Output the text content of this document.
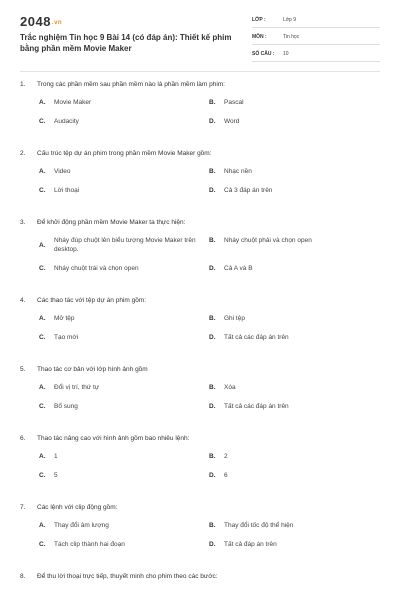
2048.vn
Trắc nghiệm Tin học 9 Bài 14 (có đáp án): Thiết kế phim bằng phần mềm Movie Maker
LỚP :	Lớp 9
MÔN :	Tin học
SỐ CÂU : 10
1.	Trong các phần mềm sau phần mềm nào là phần mềm làm phim:
A.	Movie Maker	B.	Pascal
C.	Audacity	D.	Word
2.	Cấu trúc tệp dự án phim trong phần mềm Movie Maker gồm:
A.	Video	B.	Nhạc nền
C.	Lời thoại	D.	Cả 3 đáp án trên
3.	Để khởi động phần mềm Movie Maker ta thực hiện:
A.
Nháy đúp chuột lên biểu tượng Movie Maker trên desktop.
B.	Nháy chuột phải và chọn open
C.	Nháy chuột trái và chọn open	D.	Cả A và B
4.	Các thao tác với tệp dự án phim gồm:
A.	Mở tệp	B.	Ghi tệp
C.	Tạo mới	D.	Tất cả các đáp án trên
5.	Thao tác cơ bản với lớp hình ảnh gồm
A.	Đổi vị trí, thứ tự	B.	Xóa
C.	Bổ sung	D.	Tất cả các đáp án trên
6.	Thao tác nâng cao với hình ảnh gồm bao nhiêu lệnh:
A.	1	B.	2
C.	5	D.	6
7.	Các lệnh với clip động gồm:
A.	Thay đổi âm lượng	B.	Thay đổi tốc độ thể hiện
C.	Tách clip thành hai đoạn	D.	Tất cả đáp án trên
8.	Để thu lời thoại trực tiếp, thuyết minh cho phim theo các bước:
